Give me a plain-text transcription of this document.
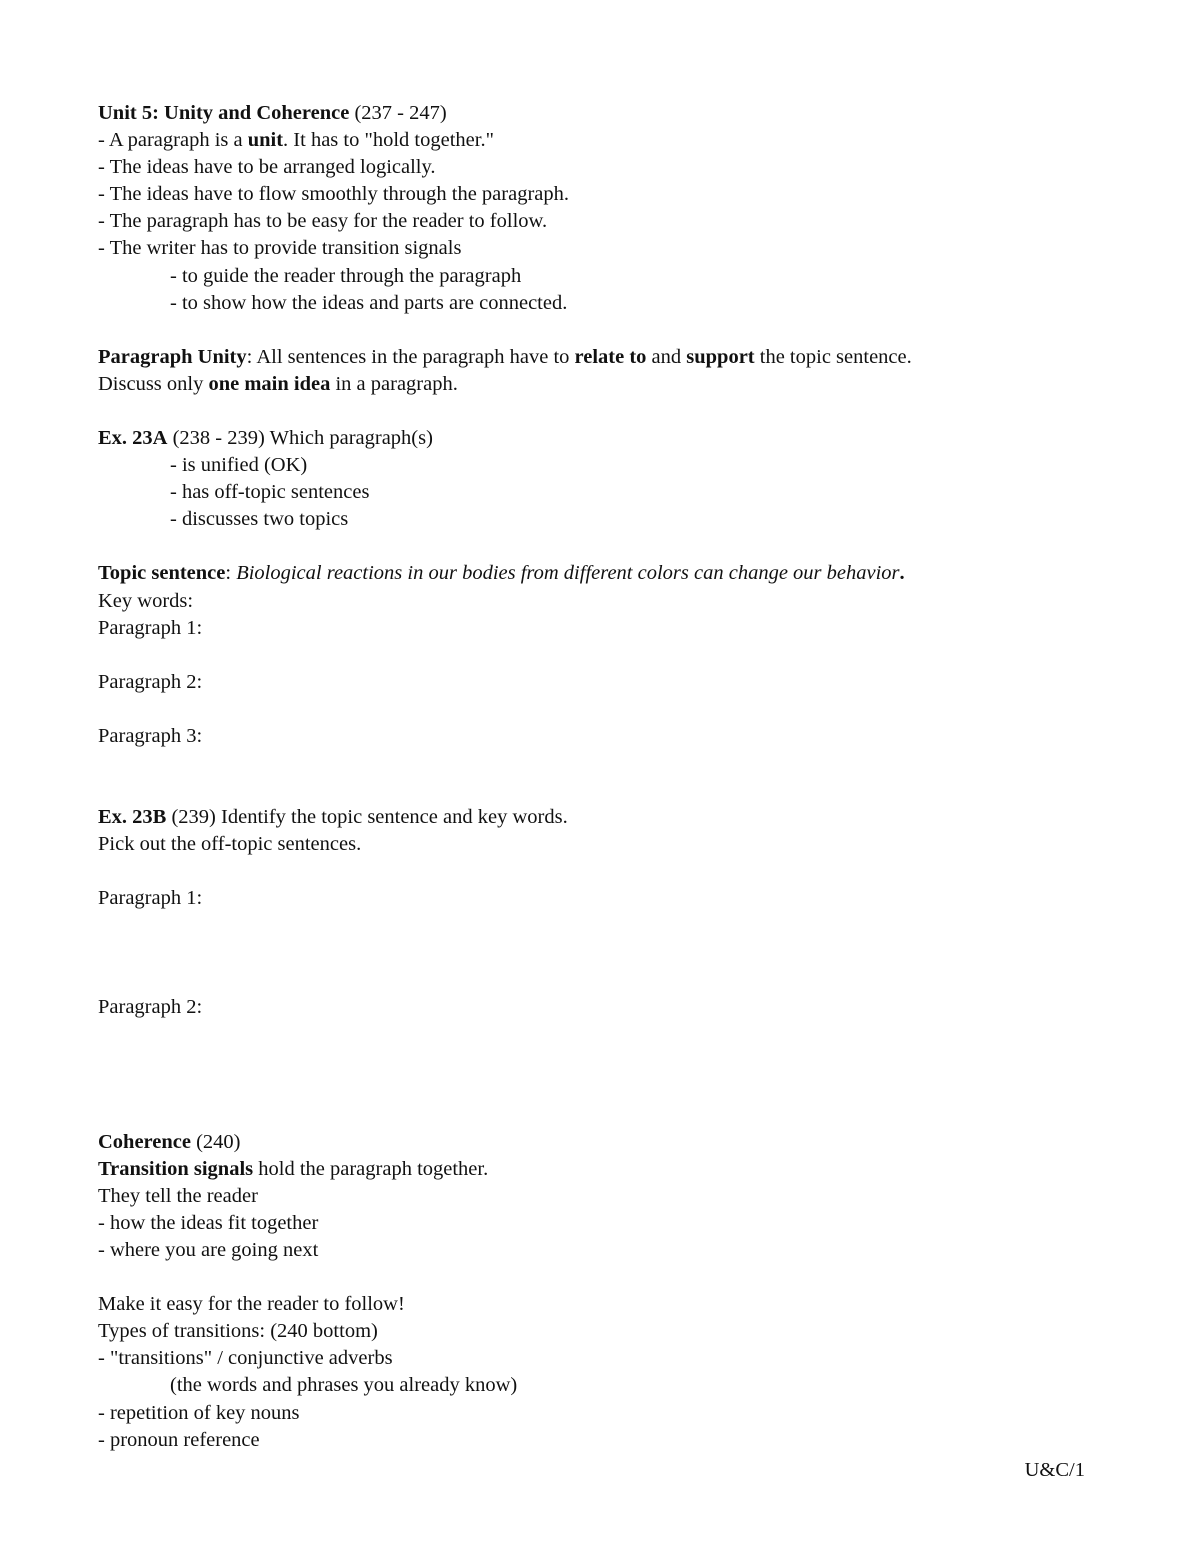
Unit 5: Unity and Coherence (237 - 247)
- A paragraph is a unit. It has to "hold together."
- The ideas have to be arranged logically.
- The ideas have to flow smoothly through the paragraph.
- The paragraph has to be easy for the reader to follow.
- The writer has to provide transition signals
- to guide the reader through the paragraph
- to show how the ideas and parts are connected.
Paragraph Unity: All sentences in the paragraph have to relate to and support the topic sentence.
Discuss only one main idea in a paragraph.
Ex. 23A (238 - 239) Which paragraph(s)
- is unified (OK)
- has off-topic sentences
- discusses two topics
Topic sentence: Biological reactions in our bodies from different colors can change our behavior.
Key words:
Paragraph 1:
Paragraph 2:
Paragraph 3:
Ex. 23B (239) Identify the topic sentence and key words.
Pick out the off-topic sentences.
Paragraph 1:
Paragraph 2:
Coherence (240)
Transition signals hold the paragraph together.
They tell the reader
- how the ideas fit together
- where you are going next
Make it easy for the reader to follow!
Types of transitions: (240 bottom)
- "transitions" / conjunctive adverbs
(the words and phrases you already know)
- repetition of key nouns
- pronoun reference
U&C/1
